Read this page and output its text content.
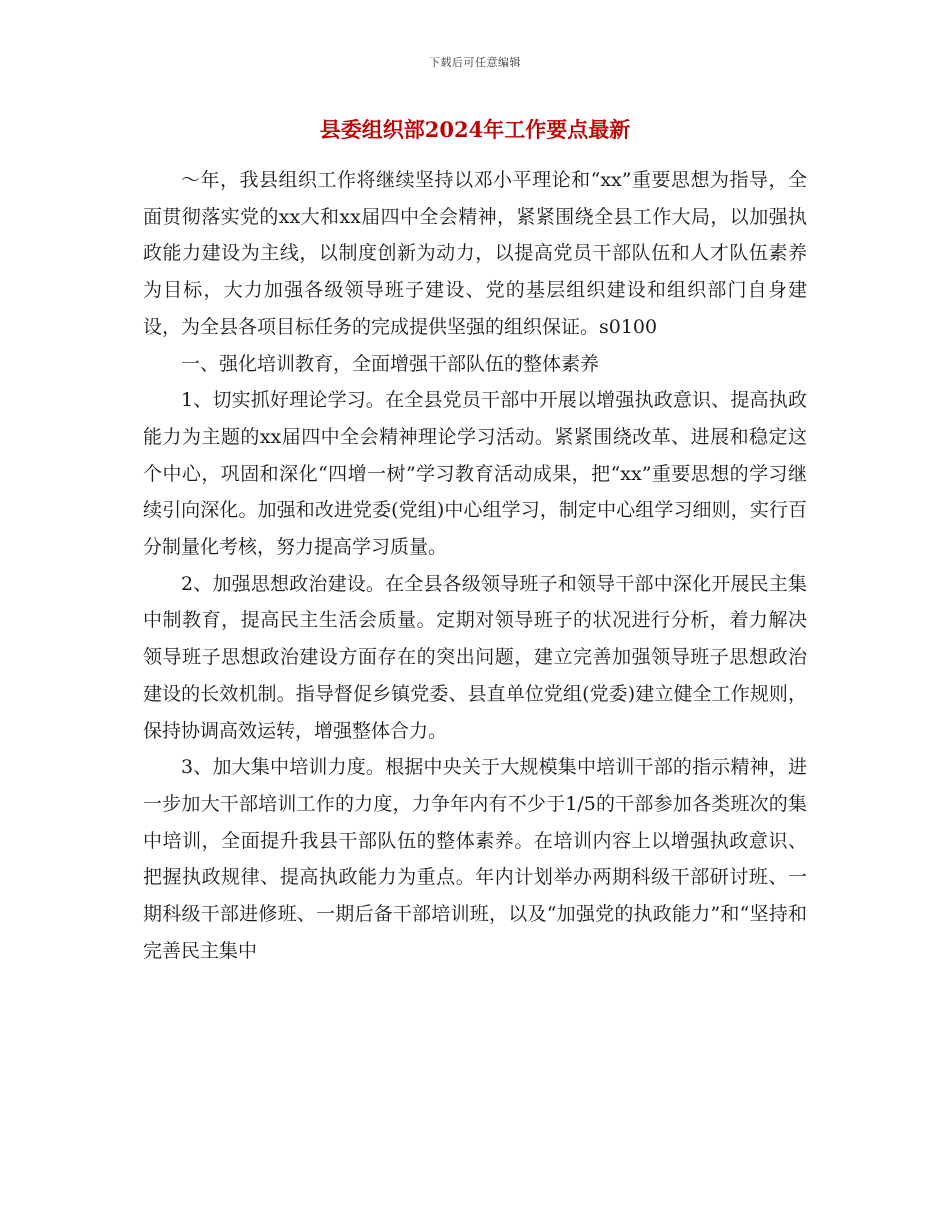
下载后可任意编辑
县委组织部2024年工作要点最新

～年，我县组织工作将继续坚持以邓小平理论和“xx”重要思想为指导，全面贯彻落实党的xx大和xx届四中全会精神，紧紧围绕全县工作大局，以加强执政能力建设为主线，以制度创新为动力，以提高党员干部队伍和人才队伍素养为目标，大力加强各级领导班子建设、党的基层组织建设和组织部门自身建设，为全县各项目标任务的完成提供坚强的组织保证。s0100

一、强化培训教育，全面增强干部队伍的整体素养

1、切实抓好理论学习。在全县党员干部中开展以增强执政意识、提高执政能力为主题的xx届四中全会精神理论学习活动。紧紧围绕改革、进展和稳定这个中心，巩固和深化“四增一树”学习教育活动成果，把“xx”重要思想的学习继续引向深化。加强和改进党委(党组)中心组学习，制定中心组学习细则，实行百分制量化考核，努力提高学习质量。

2、加强思想政治建设。在全县各级领导班子和领导干部中深化开展民主集中制教育，提高民主生活会质量。定期对领导班子的状况进行分析，着力解决领导班子思想政治建设方面存在的突出问题，建立完善加强领导班子思想政治建设的长效机制。指导督促乡镇党委、县直单位党组(党委)建立健全工作规则，保持协调高效运转，增强整体合力。

3、加大集中培训力度。根据中央关于大规模集中培训干部的指示精神，进一步加大干部培训工作的力度，力争年内有不少于1/5的干部参加各类班次的集中培训，全面提升我县干部队伍的整体素养。在培训内容上以增强执政意识、把握执政规律、提高执政能力为重点。年内计划举办两期科级干部研讨班、一期科级干部进修班、一期后备干部培训班，以及“加强党的执政能力”和“坚持和完善民主集中
